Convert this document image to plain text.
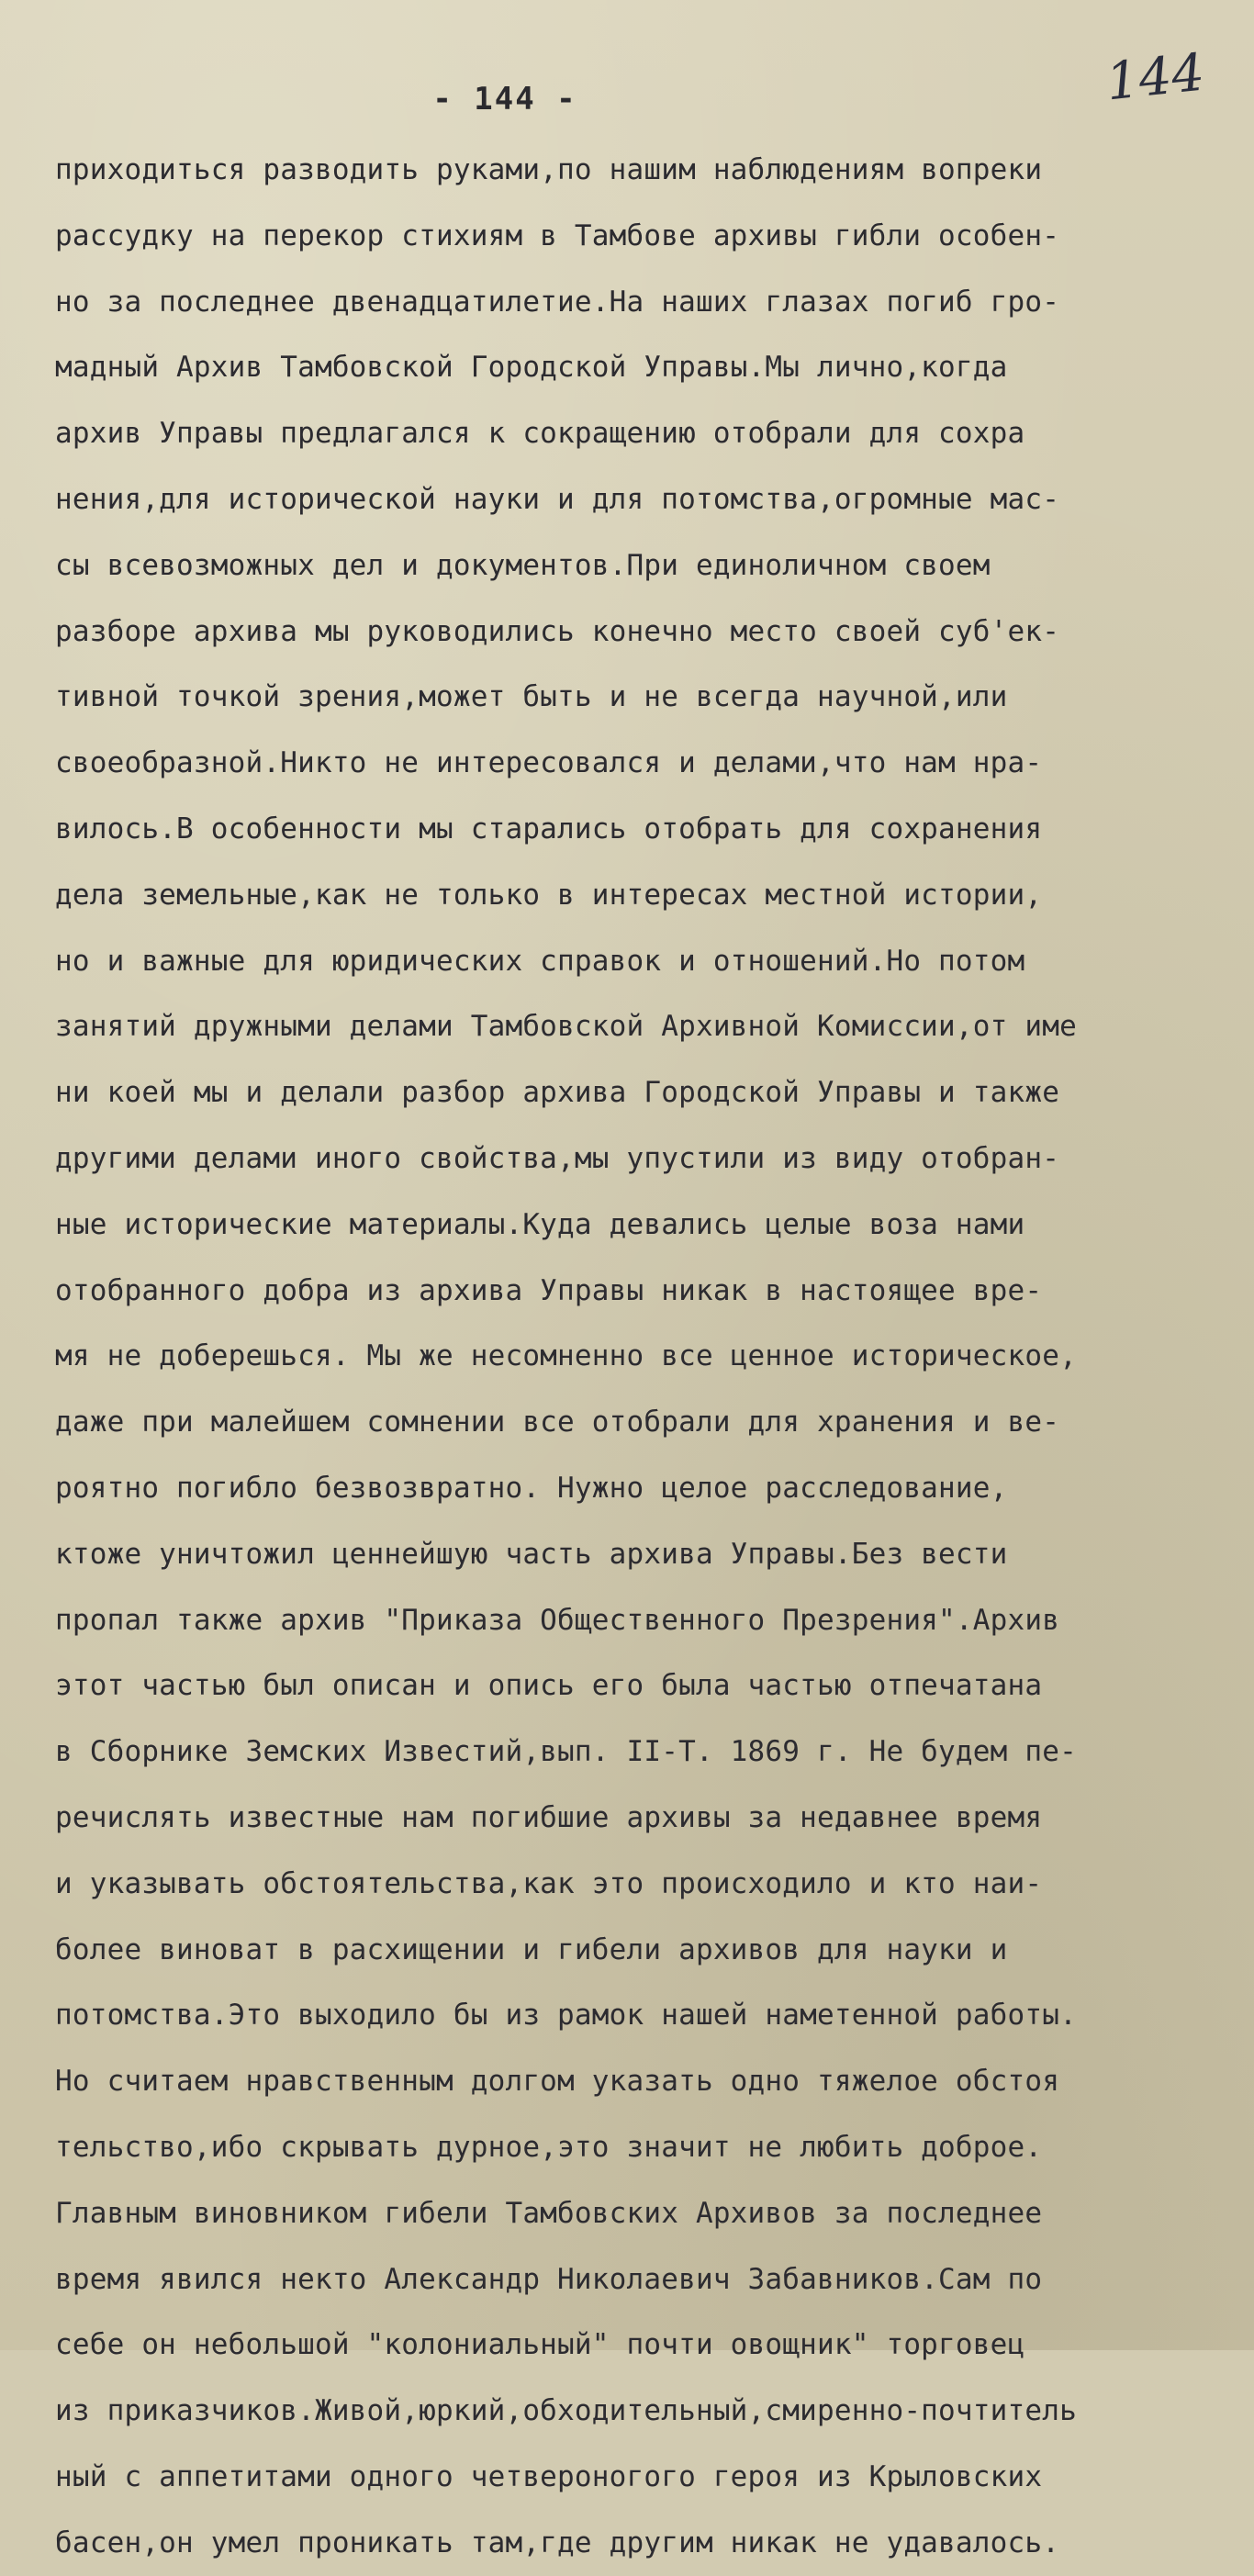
- 144 -	144
приходиться разводить руками,по нашим наблюдениям вопреки
рассудку на перекор стихиям в Тамбове архивы гибли особен-
но за последнее двенадцатилетие.На наших глазах погиб гро-
мадный Архив Тамбовской Городской Управы.Мы лично,когда
архив Управы предлагался к сокращению отобрали для сохра
нения,для исторической науки и для потомства,огромные мас-
сы всевозможных дел и документов.При единоличном своем
разборе архива мы руководились конечно место своей суб'ек-
тивной точкой зрения,может быть и не всегда научной,или
своеобразной.Никто не интересовался и делами,что нам нра-
вилось.В особенности мы старались отобрать для сохранения
дела земельные,как не только в интересах местной истории,
но и важные для юридических справок и отношений.Но потом
занятий дружными делами Тамбовской Архивной Комиссии,от име
ни коей мы и делали разбор архива Городской Управы и также
другими делами иного свойства,мы упустили из виду отобран-
ные исторические материалы.Куда девались целые воза нами
отобранного добра из архива Управы никак в настоящее вре-
мя не доберешься. Мы же несомненно все ценное историческое,
даже при малейшем сомнении все отобрали для хранения и ве-
роятно погибло безвозвратно. Нужно целое расследование,
ктоже уничтожил ценнейшую часть архива Управы.Без вести
пропал также архив "Приказа Общественного Презрения".Архив
этот частью был описан и опись его была частью отпечатана
в Сборнике Земских Известий,вып. II-Т. 1869 г. Не будем пе-
речислять известные нам погибшие архивы за недавнее время
и указывать обстоятельства,как это происходило и кто наи-
более виноват в расхищении и гибели архивов для науки и
потомства.Это выходило бы из рамок нашей наметенной работы.
Но считаем нравственным долгом указать одно тяжелое обстоя
тельство,ибо скрывать дурное,это значит не любить доброе.
Главным виновником гибели Тамбовских Архивов за последнее
время явился некто Александр Николаевич Забавников.Сам по
себе он небольшой "колониальный" почти овощник" торговец
из приказчиков.Живой,юркий,обходительный,смиренно-почтитель
ный с аппетитами одного четвероногого героя из Крыловских
басен,он умел проникать там,где другим никак не удавалось.
